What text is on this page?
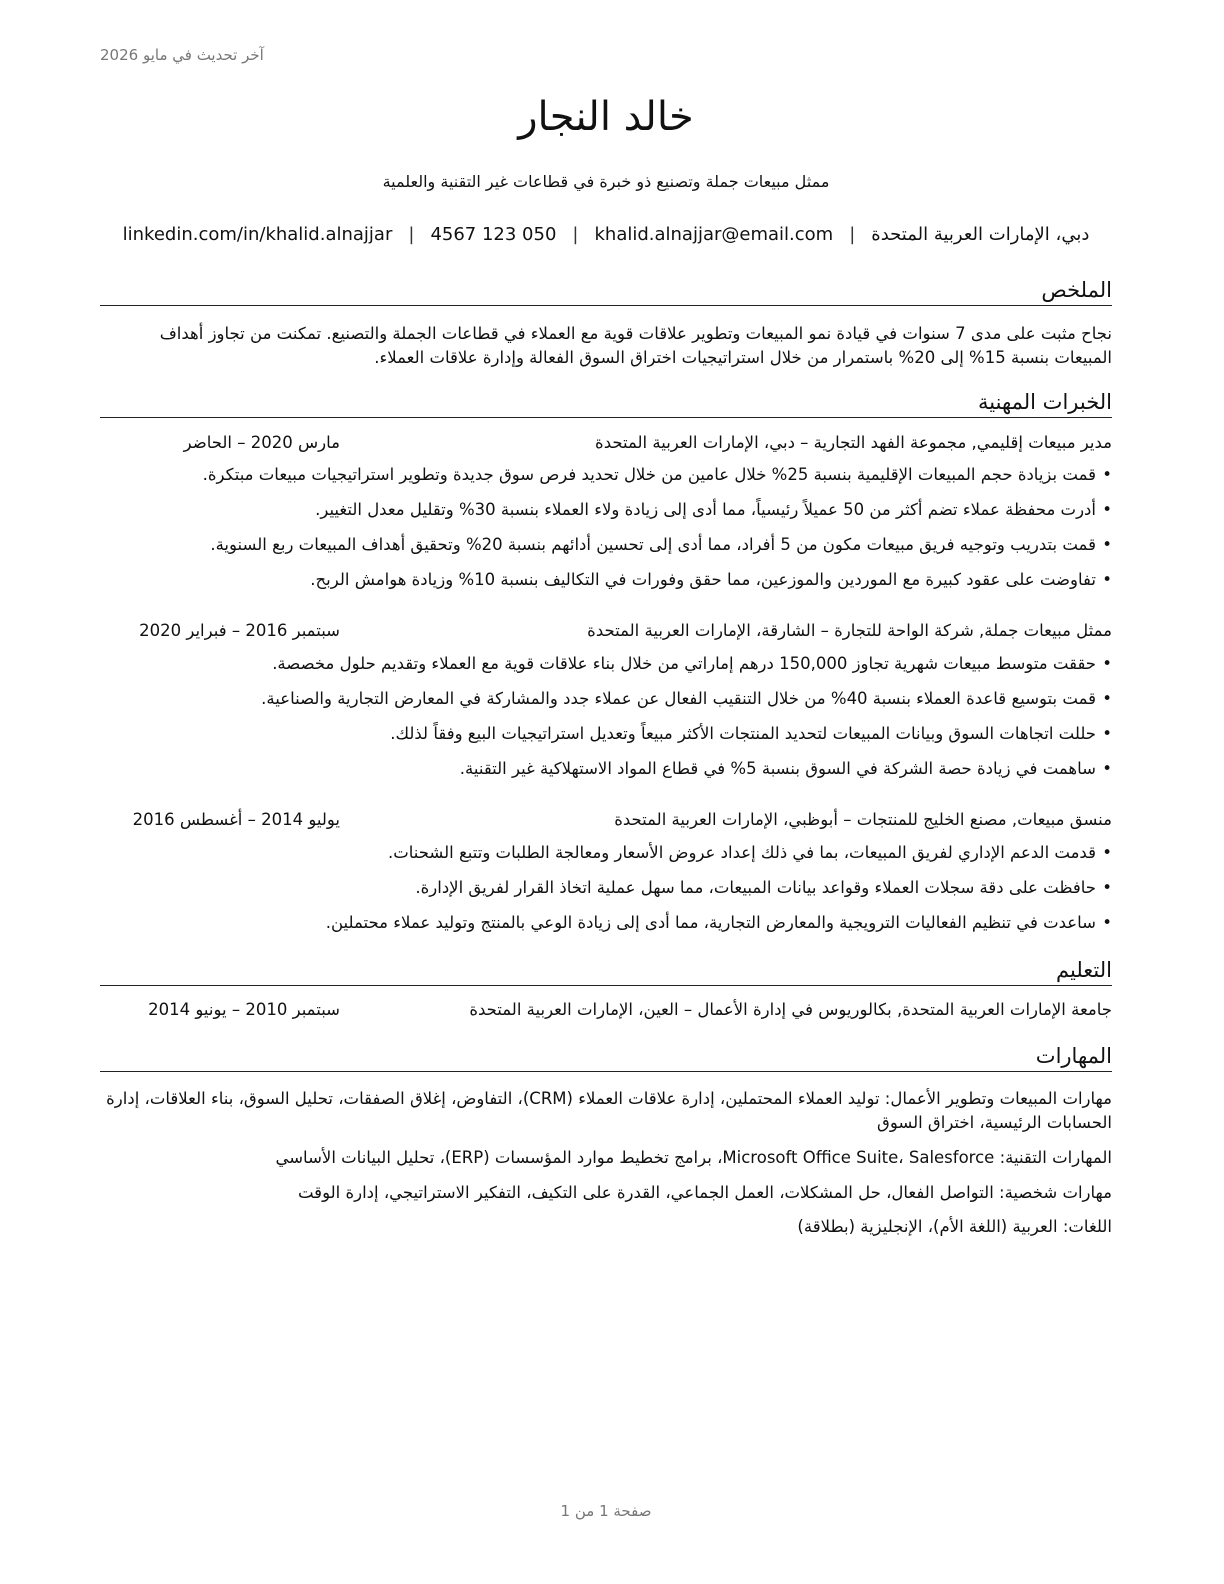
آخر تحديث في مايو 2026
خالد النجار
ممثل مبيعات جملة وتصنيع ذو خبرة في قطاعات غير التقنية والعلمية
دبي، الإمارات العربية المتحدة
|
khalid.alnajjar@email.com
|
4567 123 050
|
linkedin.com/in/khalid.alnajjar
الملخص
نجاح مثبت على مدى 7 سنوات في قيادة نمو المبيعات وتطوير علاقات قوية مع العملاء في قطاعات الجملة والتصنيع. تمكنت من تجاوز أهداف المبيعات بنسبة 15% إلى 20% باستمرار من خلال استراتيجيات اختراق السوق الفعالة وإدارة علاقات العملاء.
الخبرات المهنية
مدير مبيعات إقليمي, مجموعة الفهد التجارية – دبي، الإمارات العربية المتحدة
مارس 2020 – الحاضر
• قمت بزيادة حجم المبيعات الإقليمية بنسبة 25% خلال عامين من خلال تحديد فرص سوق جديدة وتطوير استراتيجيات مبيعات مبتكرة.
• أدرت محفظة عملاء تضم أكثر من 50 عميلاً رئيسياً، مما أدى إلى زيادة ولاء العملاء بنسبة 30% وتقليل معدل التغيير.
• قمت بتدريب وتوجيه فريق مبيعات مكون من 5 أفراد، مما أدى إلى تحسين أدائهم بنسبة 20% وتحقيق أهداف المبيعات ربع السنوية.
• تفاوضت على عقود كبيرة مع الموردين والموزعين، مما حقق وفورات في التكاليف بنسبة 10% وزيادة هوامش الربح.
ممثل مبيعات جملة, شركة الواحة للتجارة – الشارقة، الإمارات العربية المتحدة
سبتمبر 2016 – فبراير 2020
• حققت متوسط مبيعات شهرية تجاوز 150,000 درهم إماراتي من خلال بناء علاقات قوية مع العملاء وتقديم حلول مخصصة.
• قمت بتوسيع قاعدة العملاء بنسبة 40% من خلال التنقيب الفعال عن عملاء جدد والمشاركة في المعارض التجارية والصناعية.
• حللت اتجاهات السوق وبيانات المبيعات لتحديد المنتجات الأكثر مبيعاً وتعديل استراتيجيات البيع وفقاً لذلك.
• ساهمت في زيادة حصة الشركة في السوق بنسبة 5% في قطاع المواد الاستهلاكية غير التقنية.
منسق مبيعات, مصنع الخليج للمنتجات – أبوظبي، الإمارات العربية المتحدة
يوليو 2014 – أغسطس 2016
• قدمت الدعم الإداري لفريق المبيعات، بما في ذلك إعداد عروض الأسعار ومعالجة الطلبات وتتبع الشحنات.
• حافظت على دقة سجلات العملاء وقواعد بيانات المبيعات، مما سهل عملية اتخاذ القرار لفريق الإدارة.
• ساعدت في تنظيم الفعاليات الترويجية والمعارض التجارية، مما أدى إلى زيادة الوعي بالمنتج وتوليد عملاء محتملين.
التعليم
جامعة الإمارات العربية المتحدة, بكالوريوس في إدارة الأعمال – العين، الإمارات العربية المتحدة
سبتمبر 2010 – يونيو 2014
المهارات
مهارات المبيعات وتطوير الأعمال: توليد العملاء المحتملين، إدارة علاقات العملاء (CRM)، التفاوض، إغلاق الصفقات، تحليل السوق، بناء العلاقات، إدارة الحسابات الرئيسية، اختراق السوق
المهارات التقنية: Microsoft Office Suite، Salesforce، برامج تخطيط موارد المؤسسات (ERP)، تحليل البيانات الأساسي
مهارات شخصية: التواصل الفعال، حل المشكلات، العمل الجماعي، القدرة على التكيف، التفكير الاستراتيجي، إدارة الوقت
اللغات: العربية (اللغة الأم)، الإنجليزية (بطلاقة)
صفحة 1 من 1
